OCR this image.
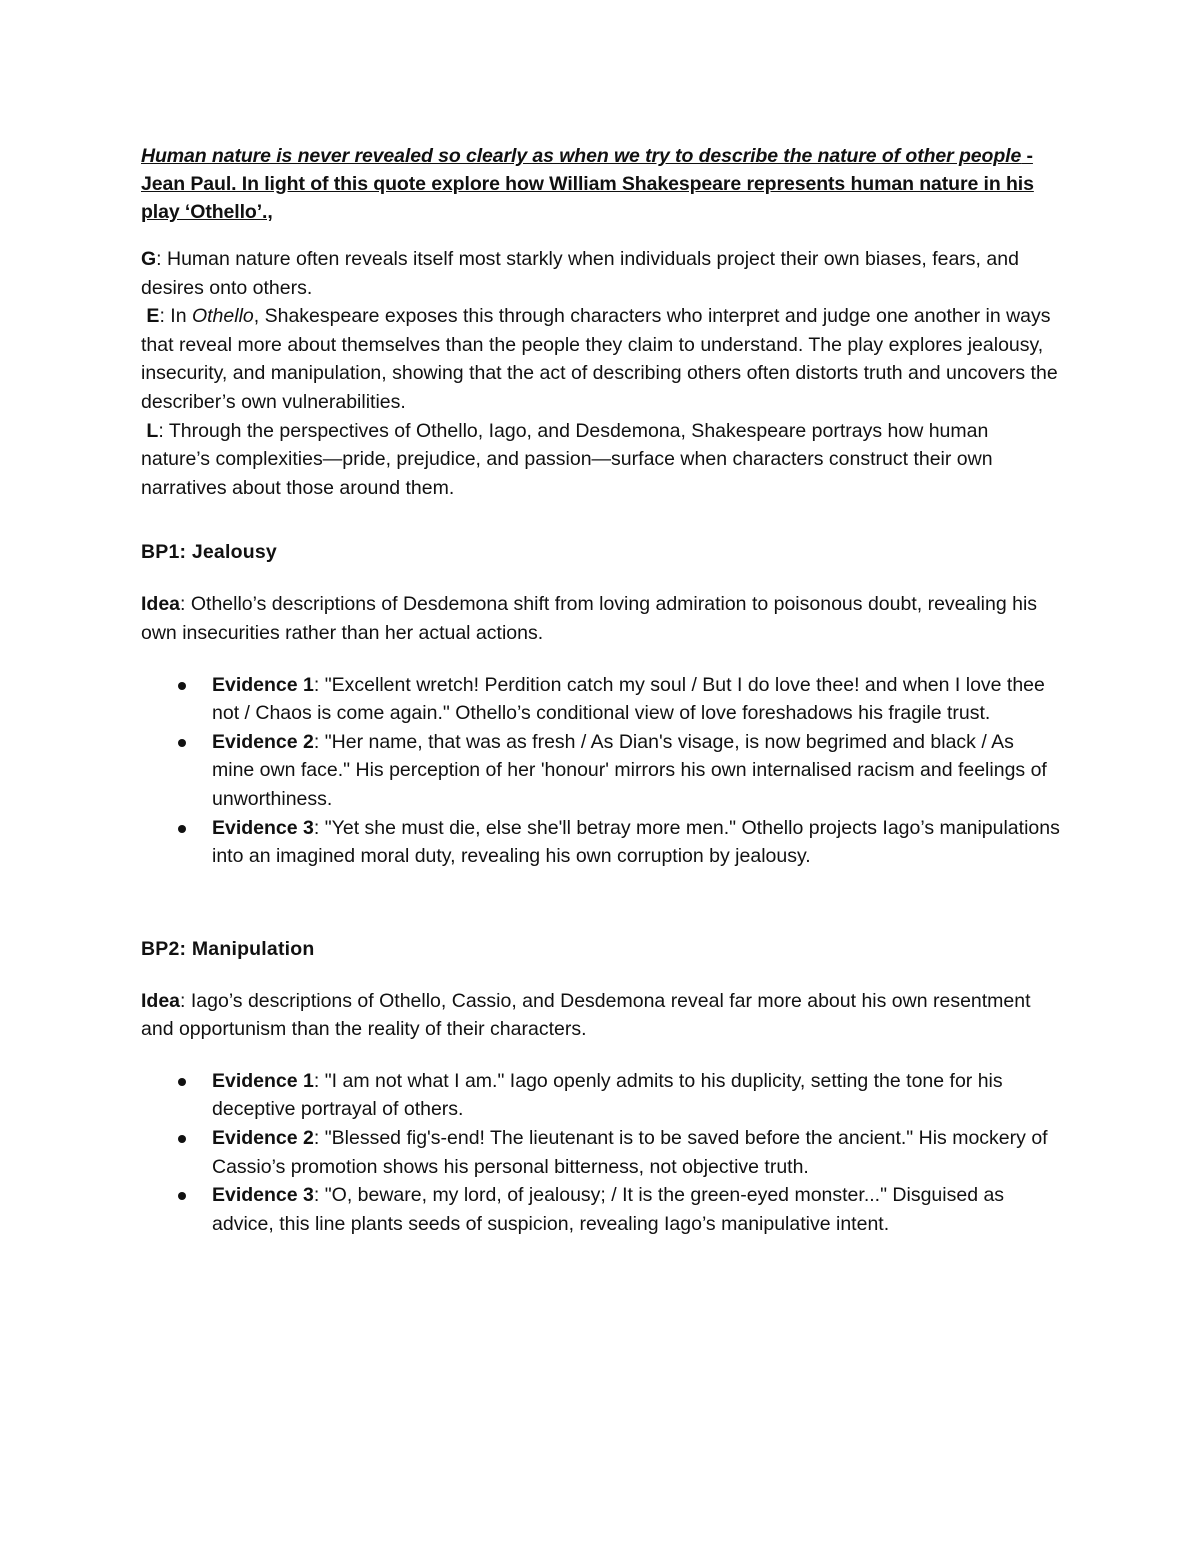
Human nature is never revealed so clearly as when we try to describe the nature of other people - Jean Paul. In light of this quote explore how William Shakespeare represents human nature in his play ‘Othello’.,

G: Human nature often reveals itself most starkly when individuals project their own biases, fears, and desires onto others.

E: In Othello, Shakespeare exposes this through characters who interpret and judge one another in ways that reveal more about themselves than the people they claim to understand. The play explores jealousy, insecurity, and manipulation, showing that the act of describing others often distorts truth and uncovers the describer’s own vulnerabilities.

L: Through the perspectives of Othello, Iago, and Desdemona, Shakespeare portrays how human nature’s complexities—pride, prejudice, and passion—surface when characters construct their own narratives about those around them.

BP1: Jealousy

Idea: Othello’s descriptions of Desdemona shift from loving admiration to poisonous doubt, revealing his own insecurities rather than her actual actions.

Evidence 1: "Excellent wretch! Perdition catch my soul / But I do love thee! and when I love thee not / Chaos is come again." Othello’s conditional view of love foreshadows his fragile trust.
Evidence 2: "Her name, that was as fresh / As Dian's visage, is now begrimed and black / As mine own face." His perception of her 'honour' mirrors his own internalised racism and feelings of unworthiness.
Evidence 3: "Yet she must die, else she'll betray more men." Othello projects Iago’s manipulations into an imagined moral duty, revealing his own corruption by jealousy.

BP2: Manipulation

Idea: Iago’s descriptions of Othello, Cassio, and Desdemona reveal far more about his own resentment and opportunism than the reality of their characters.

Evidence 1: "I am not what I am." Iago openly admits to his duplicity, setting the tone for his deceptive portrayal of others.
Evidence 2: "Blessed fig's-end! The lieutenant is to be saved before the ancient." His mockery of Cassio’s promotion shows his personal bitterness, not objective truth.
Evidence 3: "O, beware, my lord, of jealousy; / It is the green-eyed monster..." Disguised as advice, this line plants seeds of suspicion, revealing Iago’s manipulative intent.
